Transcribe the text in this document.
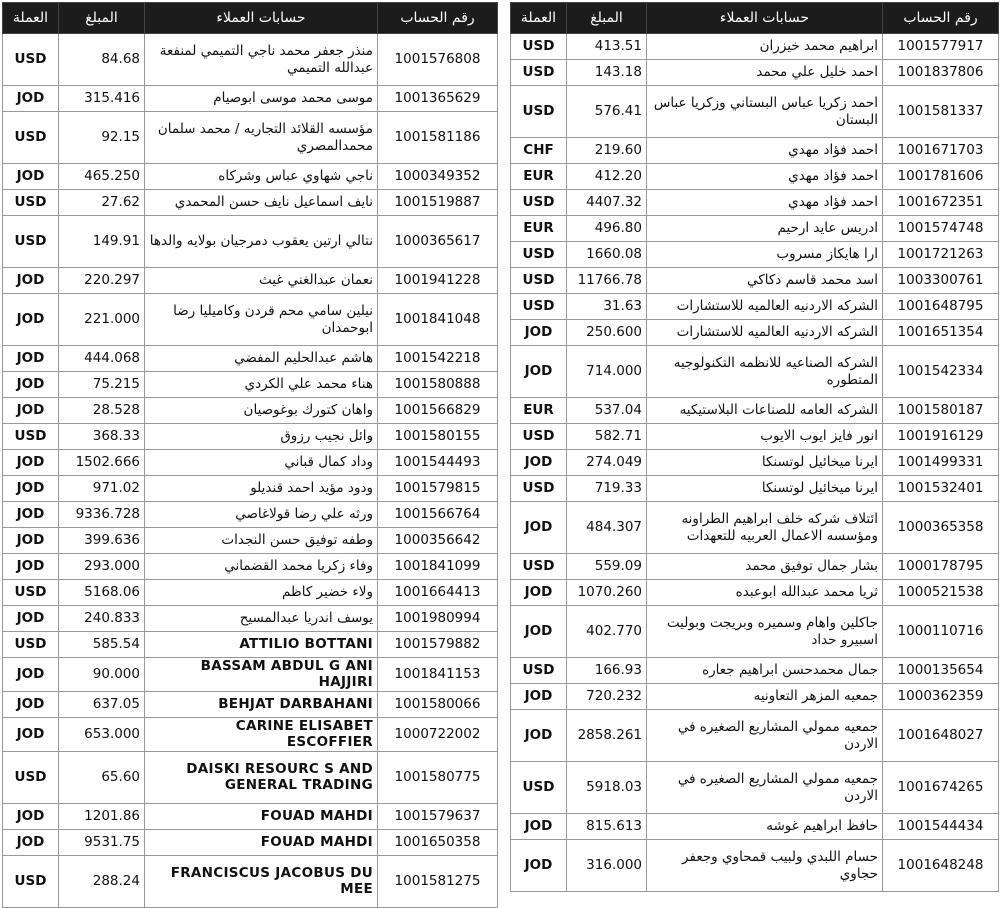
العملة	المبلغ	حسابات العملاء	رقم الحساب
USD	84.68	منذر جعفر محمد ناجي التميمي لمنفعة عبدالله التميمي	1001576808
JOD	315.416	موسى محمد موسى ابوصيام	1001365629
USD	92.15	مؤسسه القلائد التجاريه / محمد سلمان محمدالمصري	1001581186
JOD	465.250	ناجي شهاوي عباس وشركاه	1000349352
USD	27.62	نايف اسماعيل نايف حسن المحمدي	1001519887
USD	149.91	نتالي ارتين يعقوب دمرجيان بولايه والدها	1000365617
JOD	220.297	نعمان عبدالغني غيث	1001941228
JOD	221.000	نيلين سامي محم قردن وكاميليا رضا ابوحمدان	1001841048
JOD	444.068	هاشم عبدالحليم المفضي	1001542218
JOD	75.215	هناء محمد علي الكردي	1001580888
JOD	28.528	واهان كتورك بوغوصيان	1001566829
USD	368.33	وائل نجيب رزوق	1001580155
JOD	1502.666	وداد كمال قباني	1001544493
JOD	971.02	ودود مؤيد احمد قنديلو	1001579815
JOD	9336.728	ورثه علي رضا قولاغاصي	1001566764
JOD	399.636	وطفه توفيق حسن النجدات	1000356642
JOD	293.000	وفاء زكريا محمد القضماني	1001841099
USD	5168.06	ولاء خضير كاظم	1001664413
JOD	240.833	يوسف اندريا عبدالمسيح	1001980994
USD	585.54	ATTILIO BOTTANI	1001579882
JOD	90.000	BASSAM ABDUL G ANI HAJJIRI	1001841153
JOD	637.05	BEHJAT DARBAHANI	1001580066
JOD	653.000	CARINE ELISABET ESCOFFIER	1000722002
USD	65.60	DAISKI RESOURC S AND GENERAL TRADING	1001580775
JOD	1201.86	FOUAD MAHDI	1001579637
JOD	9531.75	FOUAD MAHDI	1001650358
USD	288.24	FRANCISCUS JACOBUS DU MEE	1001581275
العملة	المبلغ	حسابات العملاء	رقم الحساب
USD	413.51	ابراهيم محمد خيزران	1001577917
USD	143.18	احمد خليل علي محمد	1001837806
USD	576.41	احمد زكريا عباس البستاني وزكريا عباس البستان	1001581337
CHF	219.60	احمد فؤاد مهدي	1001671703
EUR	412.20	احمد فؤاد مهدي	1001781606
USD	4407.32	احمد فؤاد مهدي	1001672351
EUR	496.80	ادريس عايد ارحيم	1001574748
USD	1660.08	ارا هايكاز مسروب	1001721263
USD	11766.78	اسد محمد قاسم دكاكي	1003300761
USD	31.63	الشركه الاردنيه العالميه للاستشارات	1001648795
JOD	250.600	الشركه الاردنيه العالميه للاستشارات	1001651354
JOD	714.000	الشركه الصناعيه للانظمه التكنولوجيه المتطوره	1001542334
EUR	537.04	الشركه العامه للصناعات البلاستيكيه	1001580187
USD	582.71	انور فايز ايوب الايوب	1001916129
JOD	274.049	ايرنا ميخائيل لوتسنكا	1001499331
USD	719.33	ايرنا ميخائيل لوتسنكا	1001532401
JOD	484.307	ائتلاف شركه خلف ابراهيم الطراونه ومؤسسه الاعمال العربيه للتعهدات	1000365358
USD	559.09	بشار جمال توفيق محمد	1000178795
JOD	1070.260	ثريا محمد عبدالله ابوعبده	1000521538
JOD	402.770	جاكلين واهام وسميره وبريجت وبوليت اسبيرو حداد	1000110716
USD	166.93	جمال محمدحسن ابراهيم جعاره	1000135654
JOD	720.232	جمعيه المزهر التعاونيه	1000362359
JOD	2858.261	جمعيه ممولي المشاريع الصغيره في الاردن	1001648027
USD	5918.03	جمعيه ممولي المشاريع الصغيره في الاردن	1001674265
JOD	815.613	حافظ ابراهيم غوشه	1001544434
JOD	316.000	حسام اللبدي ولبيب قمحاوي وجعفر حجاوي	1001648248
